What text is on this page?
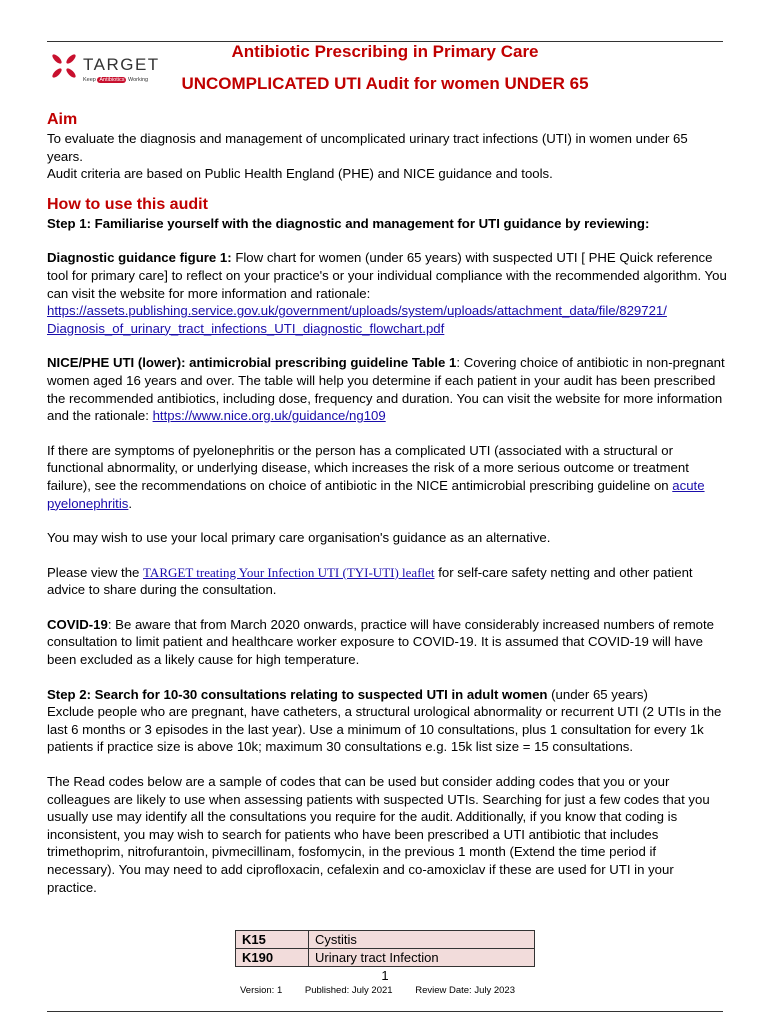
TARGET
Keep Antibiotics Working
Antibiotic Prescribing in Primary Care
UNCOMPLICATED UTI Audit for women UNDER 65
Aim

To evaluate the diagnosis and management of uncomplicated urinary tract infections (UTI) in women under 65 years.

Audit criteria are based on Public Health England (PHE) and NICE guidance and tools.

How to use this audit

Step 1: Familiarise yourself with the diagnostic and management for UTI guidance by reviewing:

Diagnostic guidance figure 1: Flow chart for women (under 65 years) with suspected UTI [ PHE Quick reference tool for primary care] to reflect on your practice's or your individual compliance with the recommended algorithm. You can visit the website for more information and rationale:
https://assets.publishing.service.gov.uk/government/uploads/system/uploads/attachment_data/file/829721/
Diagnosis_of_urinary_tract_infections_UTI_diagnostic_flowchart.pdf

NICE/PHE UTI (lower): antimicrobial prescribing guideline Table 1: Covering choice of antibiotic in non-pregnant women aged 16 years and over. The table will help you determine if each patient in your audit has been prescribed the recommended antibiotics, including dose, frequency and duration. You can visit the website for more information and the rationale: https://www.nice.org.uk/guidance/ng109

If there are symptoms of pyelonephritis or the person has a complicated UTI (associated with a structural or functional abnormality, or underlying disease, which increases the risk of a more serious outcome or treatment failure), see the recommendations on choice of antibiotic in the NICE antimicrobial prescribing guideline on acute pyelonephritis.

You may wish to use your local primary care organisation's guidance as an alternative.

Please view the TARGET treating Your Infection UTI (TYI-UTI) leaflet for self-care safety netting and other patient advice to share during the consultation.

COVID-19: Be aware that from March 2020 onwards, practice will have considerably increased numbers of remote consultation to limit patient and healthcare worker exposure to COVID-19. It is assumed that COVID-19 will have been excluded as a likely cause for high temperature.

Step 2: Search for 10-30 consultations relating to suspected UTI in adult women (under 65 years)

Exclude people who are pregnant, have catheters, a structural urological abnormality or recurrent UTI (2 UTIs in the last 6 months or 3 episodes in the last year). Use a minimum of 10 consultations, plus 1 consultation for every 1k patients if practice size is above 10k; maximum 30 consultations e.g. 15k list size = 15 consultations.

The Read codes below are a sample of codes that can be used but consider adding codes that you or your colleagues are likely to use when assessing patients with suspected UTIs. Searching for just a few codes that you usually use may identify all the consultations you require for the audit. Additionally, if you know that coding is inconsistent, you may wish to search for patients who have been prescribed a UTI antibiotic that includes trimethoprim, nitrofurantoin, pivmecillinam, fosfomycin, in the previous 1 month (Extend the time period if necessary). You may need to add ciprofloxacin, cefalexin and co-amoxiclav if these are used for UTI in your practice.

K15	Cystitis
K190	Urinary tract Infection
1
Version: 1 Published: July 2021 Review Date: July 2023
